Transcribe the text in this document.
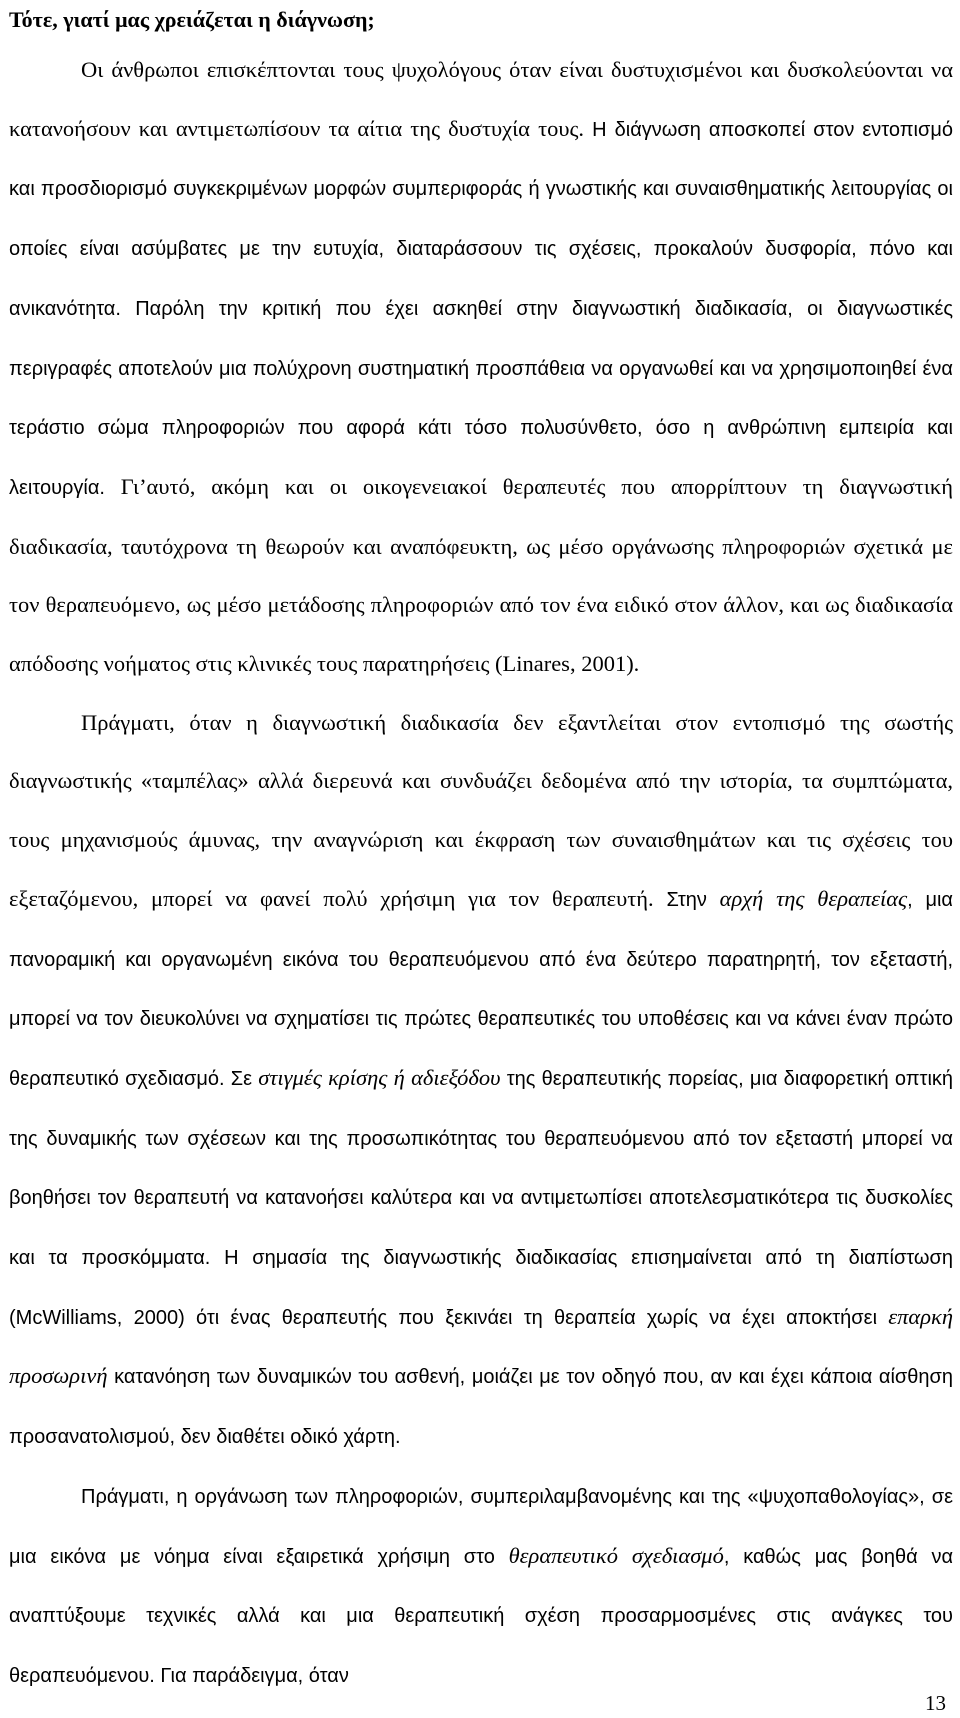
Τότε, γιατί μας χρειάζεται η διάγνωση;

Οι άνθρωποι επισκέπτονται τους ψυχολόγους όταν είναι δυστυχισμένοι και δυσκολεύονται να κατανοήσουν και αντιμετωπίσουν τα αίτια της δυστυχία τους. Η διάγνωση αποσκοπεί στον εντοπισμό και προσδιορισμό συγκεκριμένων μορφών συμπεριφοράς ή γνωστικής και συναισθηματικής λειτουργίας οι οποίες είναι ασύμβατες με την ευτυχία, διαταράσσουν τις σχέσεις, προκαλούν δυσφορία, πόνο και ανικανότητα. Παρόλη την κριτική που έχει ασκηθεί στην διαγνωστική διαδικασία, οι διαγνωστικές περιγραφές αποτελούν μια πολύχρονη συστηματική προσπάθεια να οργανωθεί και να χρησιμοποιηθεί ένα τεράστιο σώμα πληροφοριών που αφορά κάτι τόσο πολυσύνθετο, όσο η ανθρώπινη εμπειρία και λειτουργία. Γι’αυτό, ακόμη και οι οικογενειακοί θεραπευτές που απορρίπτουν τη διαγνωστική διαδικασία, ταυτόχρονα τη θεωρούν και αναπόφευκτη, ως μέσο οργάνωσης πληροφοριών σχετικά με τον θεραπευόμενο, ως μέσο μετάδοσης πληροφοριών από τον ένα ειδικό στον άλλον, και ως διαδικασία απόδοσης νοήματος στις κλινικές τους παρατηρήσεις (Linares, 2001).

Πράγματι, όταν η διαγνωστική διαδικασία δεν εξαντλείται στον εντοπισμό της σωστής διαγνωστικής «ταμπέλας» αλλά διερευνά και συνδυάζει δεδομένα από την ιστορία, τα συμπτώματα, τους μηχανισμούς άμυνας, την αναγνώριση και έκφραση των συναισθημάτων και τις σχέσεις του εξεταζόμενου, μπορεί να φανεί πολύ χρήσιμη για τον θεραπευτή. Στην αρχή της θεραπείας, μια πανοραμική και οργανωμένη εικόνα του θεραπευόμενου από ένα δεύτερο παρατηρητή, τον εξεταστή, μπορεί να τον διευκολύνει να σχηματίσει τις πρώτες θεραπευτικές του υποθέσεις και να κάνει έναν πρώτο θεραπευτικό σχεδιασμό. Σε στιγμές κρίσης ή αδιεξόδου της θεραπευτικής πορείας, μια διαφορετική οπτική της δυναμικής των σχέσεων και της προσωπικότητας του θεραπευόμενου από τον εξεταστή μπορεί να βοηθήσει τον θεραπευτή να κατανοήσει καλύτερα και να αντιμετωπίσει αποτελεσματικότερα τις δυσκολίες και τα προσκόμματα. Η σημασία της διαγνωστικής διαδικασίας επισημαίνεται από τη διαπίστωση (McWilliams, 2000) ότι ένας θεραπευτής που ξεκινάει τη θεραπεία χωρίς να έχει αποκτήσει επαρκή προσωρινή κατανόηση των δυναμικών του ασθενή, μοιάζει με τον οδηγό που, αν και έχει κάποια αίσθηση προσανατολισμού, δεν διαθέτει οδικό χάρτη.

Πράγματι, η οργάνωση των πληροφοριών, συμπεριλαμβανομένης και της «ψυχοπαθολογίας», σε μια εικόνα με νόημα είναι εξαιρετικά χρήσιμη στο θεραπευτικό σχεδιασμό, καθώς μας βοηθά να αναπτύξουμε τεχνικές αλλά και μια θεραπευτική σχέση προσαρμοσμένες στις ανάγκες του θεραπευόμενου. Για παράδειγμα, όταν

13
